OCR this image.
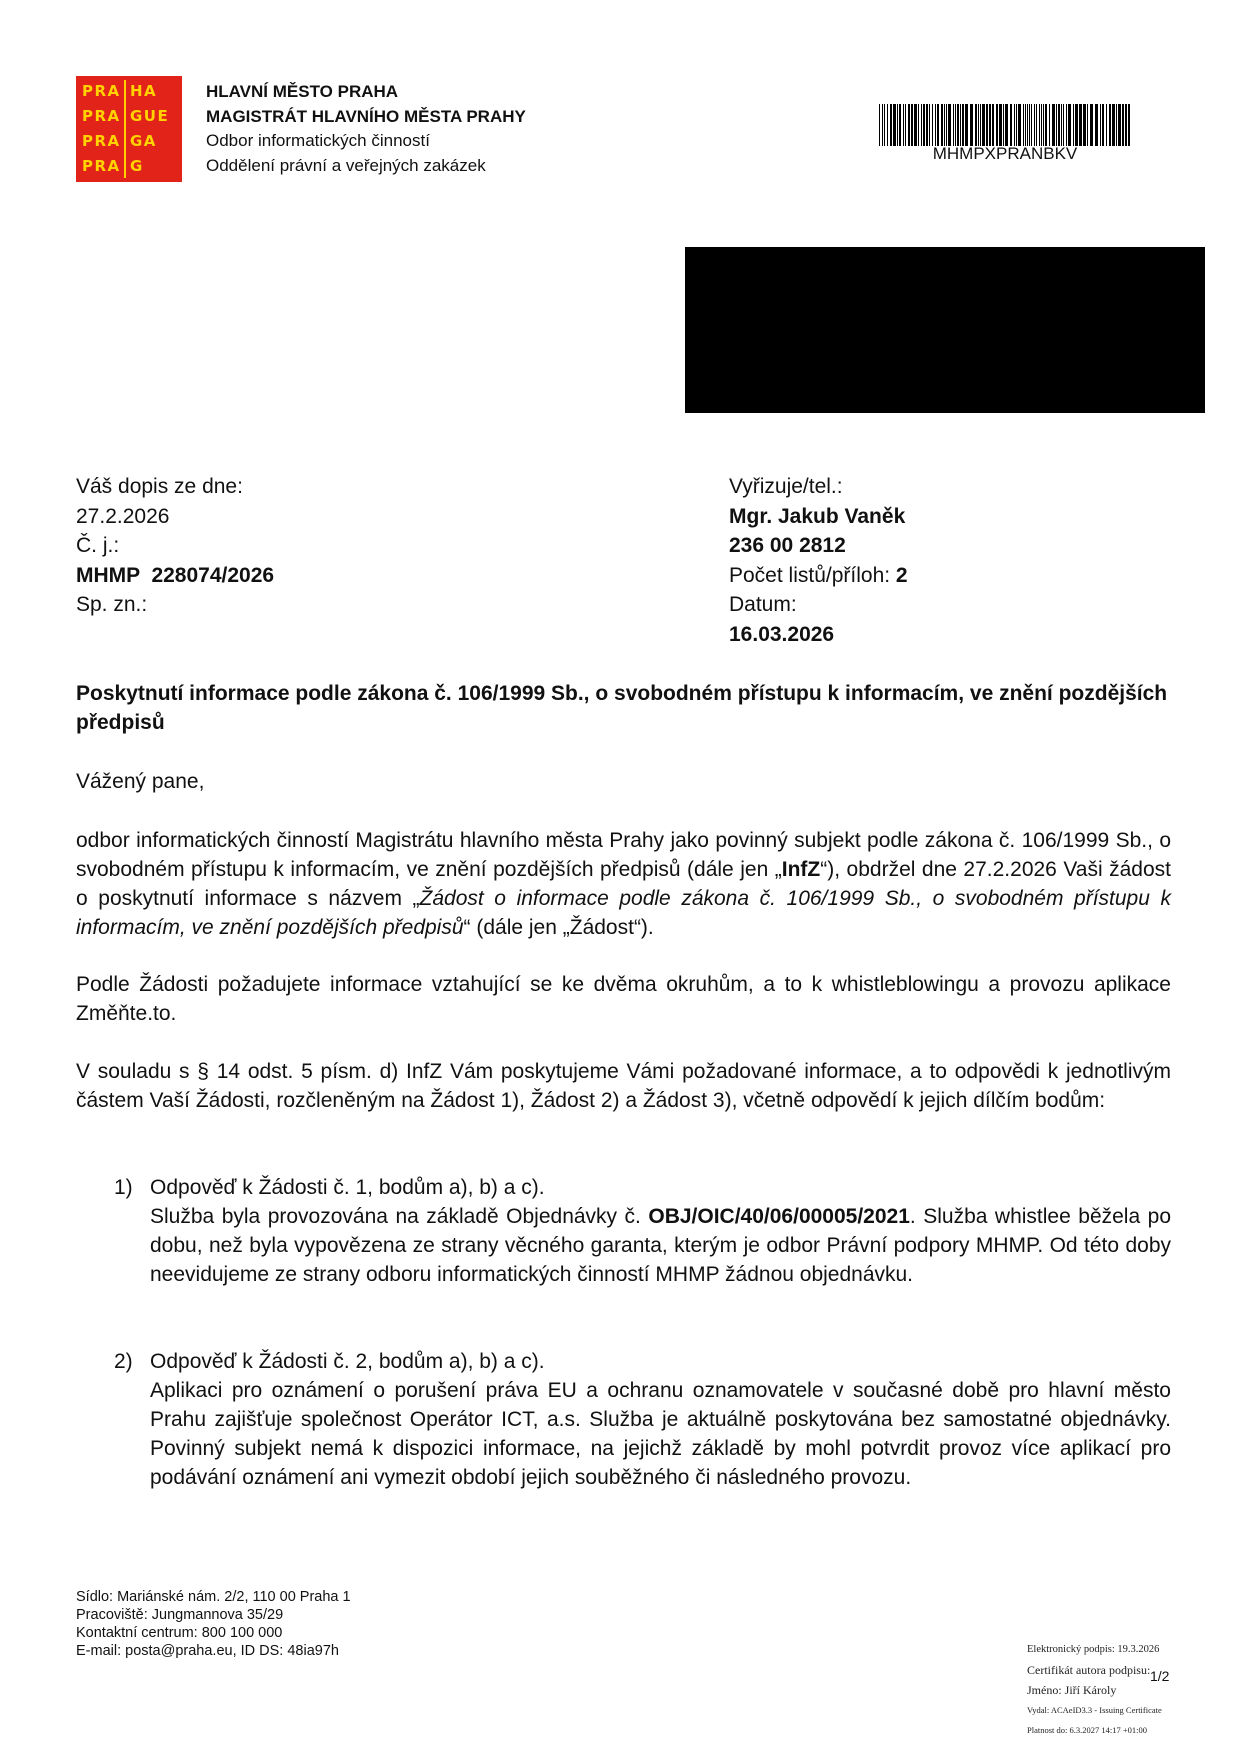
PRA HA
PRA GUE
PRA GA
PRA G
HLAVNÍ MĚSTO PRAHA
MAGISTRÁT HLAVNÍHO MĚSTA PRAHY
Odbor informatických činností
Oddělení právní a veřejných zakázek
MHMPXPRANBKV
Váš dopis ze dne:
27.2.2026
Č. j.:
MHMP  228074/2026
Sp. zn.:
Vyřizuje/tel.:
Mgr. Jakub Vaněk
236 00 2812
Počet listů/příloh: 2
Datum:
16.03.2026
Poskytnutí informace podle zákona č. 106/1999 Sb., o svobodném přístupu k informacím, ve znění pozdějších předpisů
Vážený pane,
odbor informatických činností Magistrátu hlavního města Prahy jako povinný subjekt podle zákona č. 106/1999 Sb., o svobodném přístupu k informacím, ve znění pozdějších předpisů (dále jen „InfZ“), obdržel dne 27.2.2026 Vaši žádost o poskytnutí informace s názvem „Žádost o informace podle zákona č. 106/1999 Sb., o svobodném přístupu k informacím, ve znění pozdějších předpisů“ (dále jen „Žádost“).
Podle Žádosti požadujete informace vztahující se ke dvěma okruhům, a to k whistleblowingu a provozu aplikace Změňte.to.
V souladu s § 14 odst. 5 písm. d) InfZ Vám poskytujeme Vámi požadované informace, a to odpovědi k jednotlivým částem Vaší Žádosti, rozčleněným na Žádost 1), Žádost 2) a Žádost 3), včetně odpovědí k jejich dílčím bodům:
1) Odpověď k Žádosti č. 1, bodům a), b) a c).
Služba byla provozována na základě Objednávky č. OBJ/OIC/40/06/00005/2021. Služba whistlee běžela po dobu, než byla vypovězena ze strany věcného garanta, kterým je odbor Právní podpory MHMP. Od této doby neevidujeme ze strany odboru informatických činností MHMP žádnou objednávku.
2) Odpověď k Žádosti č. 2, bodům a), b) a c).
Aplikaci pro oznámení o porušení práva EU a ochranu oznamovatele v současné době pro hlavní město Prahu zajišťuje společnost Operátor ICT, a.s. Služba je aktuálně poskytována bez samostatné objednávky. Povinný subjekt nemá k dispozici informace, na jejichž základě by mohl potvrdit provoz více aplikací pro podávání oznámení ani vymezit období jejich souběžného či následného provozu.
Sídlo: Mariánské nám. 2/2, 110 00 Praha 1
Pracoviště: Jungmannova 35/29
Kontaktní centrum: 800 100 000
E-mail: posta@praha.eu, ID DS: 48ia97h	Elektronický podpis: 19.3.2026
Certifikát autora podpisu:
Jméno: Jiří Károly
Vydal: ACAeID3.3 - Issuing Certificate
Platnost do: 6.3.2027 14:17 +01:00
1/2
